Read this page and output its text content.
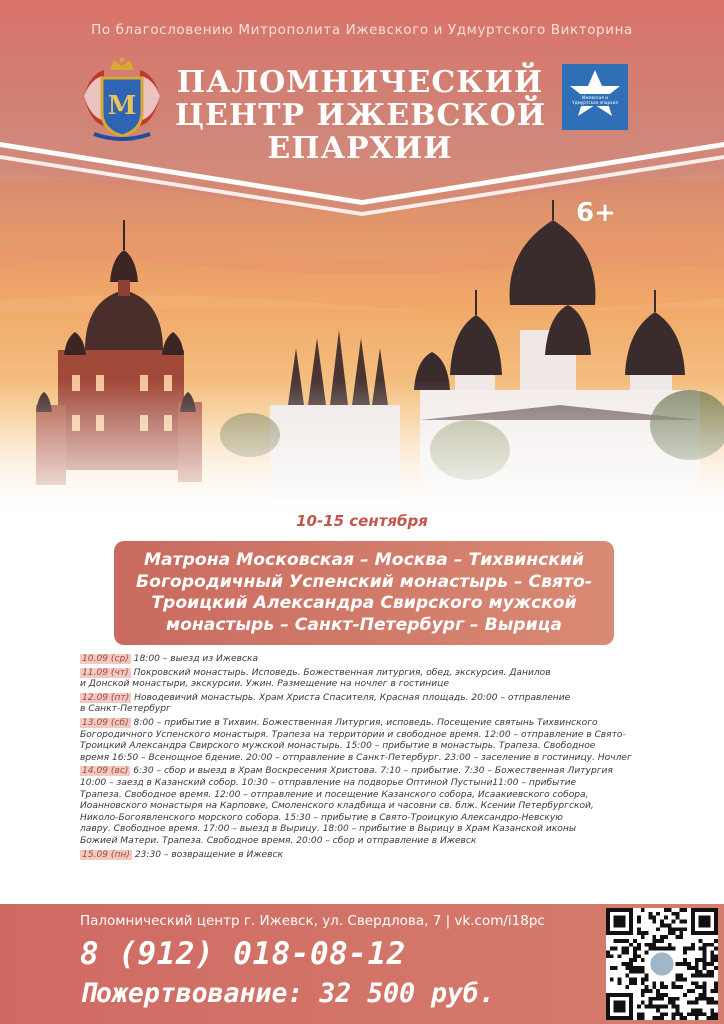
По благословению Митрополита Ижевского и Удмуртского Викторина
М
ПАЛОМНИЧЕСКИЙ
ЦЕНТР ИЖЕВСКОЙ
ЕПАРХИИ
Ижевская и
Удмуртская епархия
6+
10-15 сентября
Матрона Московская – Москва – Тихвинский
Богородичный Успенский монастырь – Свято-
Троицкий Александра Свирского мужской
монастырь – Санкт-Петербург – Вырица
10.09 (ср) 18:00 – выезд из Ижевска
11.09 (чт) Покровский монастырь. Исповедь. Божественная литургия, обед, экскурсия. Данилов
и Донской монастыри, экскурсии. Ужин. Размещение на ночлег в гостинице
12.09 (пт) Новодевичий монастырь. Храм Христа Спасителя, Красная площадь. 20:00 – отправление
в Санкт-Петербург
13.09 (сб) 8:00 – прибытие в Тихвин. Божественная Литургия, исповедь. Посещение святынь Тихвинского
Богородичного Успенского монастыря. Трапеза на территории и свободное время. 12:00 – отправление в Свято-
Троицкий Александра Свирского мужской монастырь. 15:00 – прибытие в монастырь. Трапеза. Свободное
время 16:50 – Всенощное бдение. 20:00 – отправление в Санкт-Петербург. 23:00 – заселение в гостиницу. Ночлег
14.09 (вс) 6:30 – сбор и выезд в Храм Воскресения Христова. 7:10 – прибытие. 7:30 – Божественная Литургия
10:00 – заезд в Казанский собор. 10:30 – отправление на подворье Оптиной Пустыни11:00 – прибытие
Трапеза. Свободное время. 12:00 – отправление и посещение Казанского собора, Исаакиевского собора,
Иоанновского монастыря на Карповке, Смоленского кладбища и часовни св. блж. Ксении Петербургской,
Николо-Богоявленского морского собора. 15:30 – прибытие в Свято-Троицкую Александро-Невскую
лавру. Свободное время. 17:00 – выезд в Вырицу. 18:00 – прибытие в Вырицу в Храм Казанской иконы
Божией Матери. Трапеза. Свободное время. 20:00 – сбор и отправление в Ижевск
15.09 (пн) 23:30 – возвращение в Ижевск
Паломнический центр г. Ижевск, ул. Свердлова, 7 | vk.com/i18pc
8 (912) 018-08-12
Пожертвование: 32 500 руб.
